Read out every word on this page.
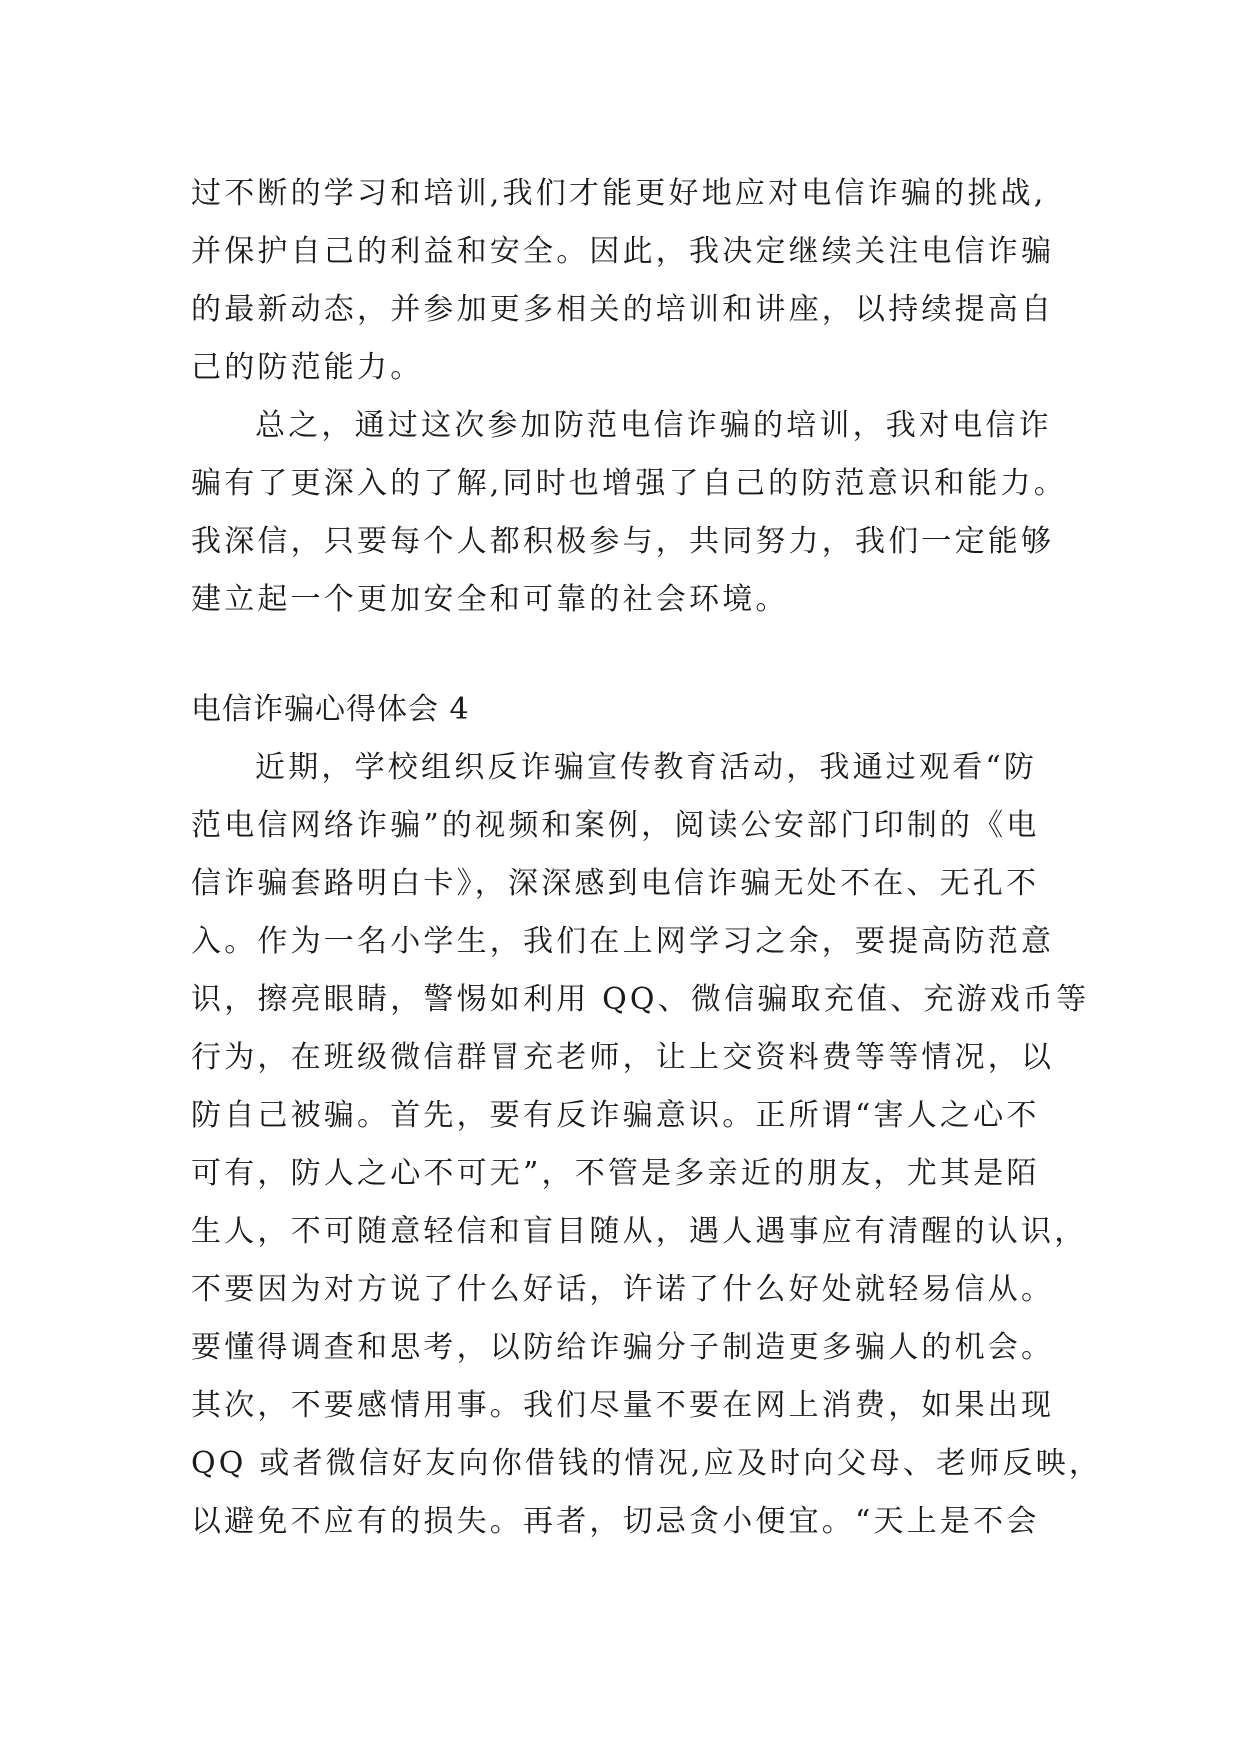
过不断的学习和培训,我们才能更好地应对电信诈骗的挑战,
并保护自己的利益和安全。因此，我决定继续关注电信诈骗
的最新动态，并参加更多相关的培训和讲座，以持续提高自
己的防范能力。
总之，通过这次参加防范电信诈骗的培训，我对电信诈
骗有了更深入的了解,同时也增强了自己的防范意识和能力。
我深信，只要每个人都积极参与，共同努力，我们一定能够
建立起一个更加安全和可靠的社会环境。
电信诈骗心得体会 4
近期，学校组织反诈骗宣传教育活动，我通过观看“防
范电信网络诈骗”的视频和案例，阅读公安部门印制的《电
信诈骗套路明白卡》，深深感到电信诈骗无处不在、无孔不
入。作为一名小学生，我们在上网学习之余，要提高防范意
识，擦亮眼睛，警惕如利用 QQ、微信骗取充值、充游戏币等
行为，在班级微信群冒充老师，让上交资料费等等情况，以
防自己被骗。首先，要有反诈骗意识。正所谓“害人之心不
可有，防人之心不可无”，不管是多亲近的朋友，尤其是陌
生人，不可随意轻信和盲目随从，遇人遇事应有清醒的认识，
不要因为对方说了什么好话，许诺了什么好处就轻易信从。
要懂得调查和思考，以防给诈骗分子制造更多骗人的机会。
其次，不要感情用事。我们尽量不要在网上消费，如果出现
QQ 或者微信好友向你借钱的情况,应及时向父母、老师反映，
以避免不应有的损失。再者，切忌贪小便宜。“天上是不会
